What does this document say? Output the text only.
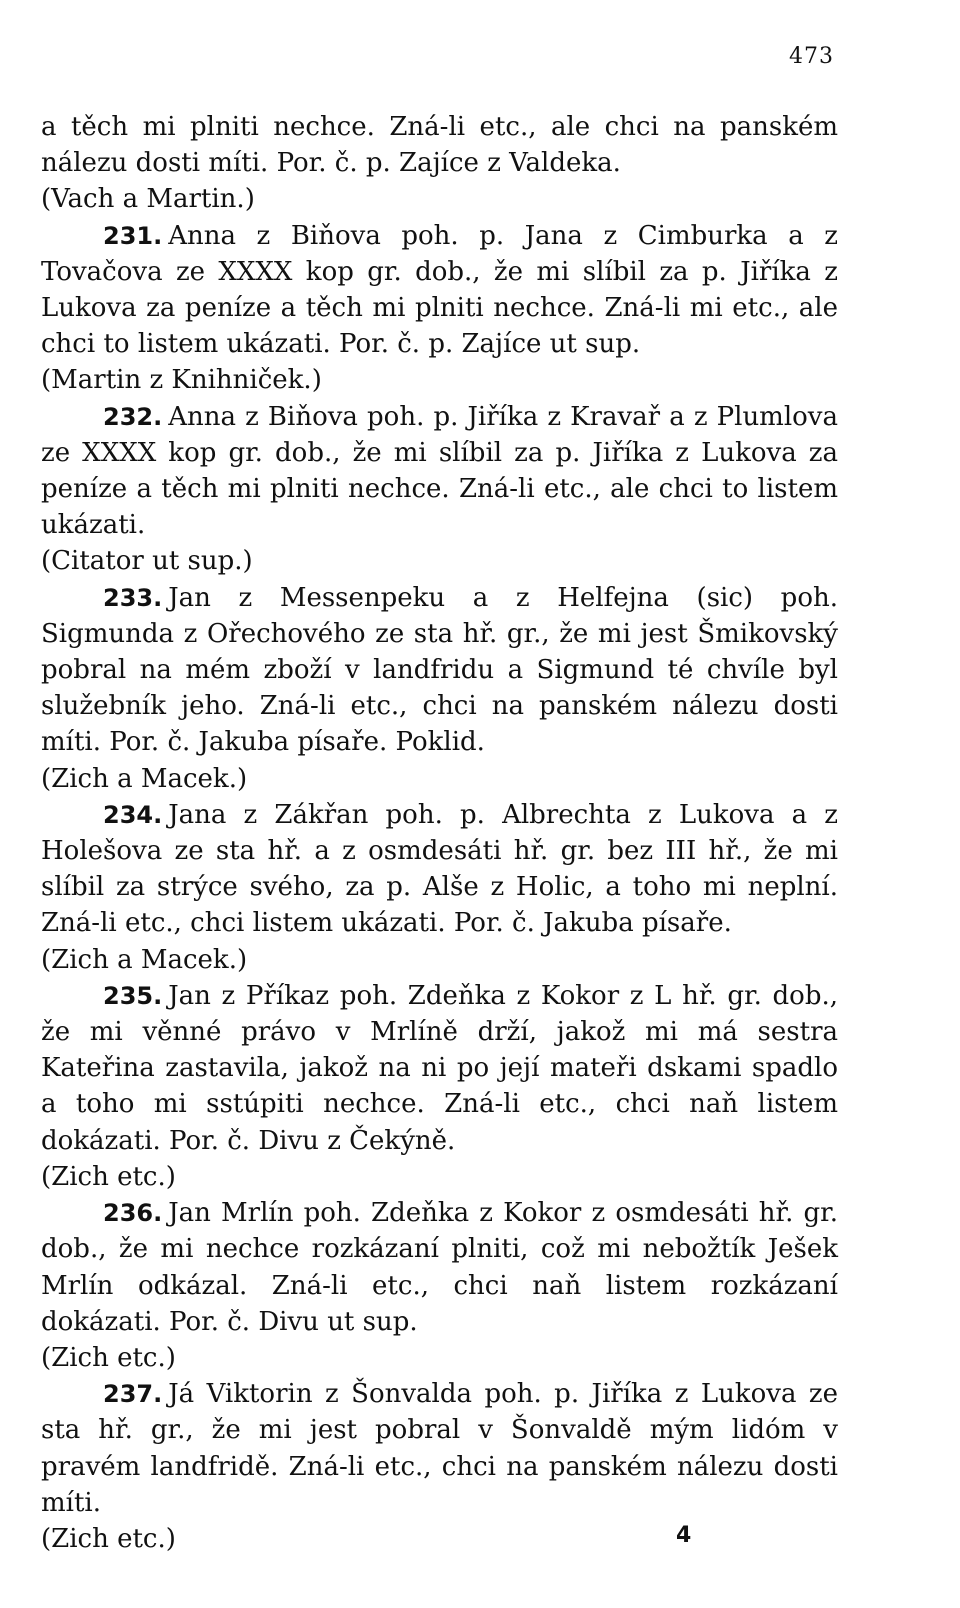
473

a těch mi plniti nechce. Zná-li etc., ale chci na panském nálezu dosti míti. Por. č. p. Zajíce z Valdeka.

(Vach a Martin.)

231. Anna z Biňova poh. p. Jana z Cimburka a z Tovačova ze XXXX kop gr. dob., že mi slíbil za p. Jiříka z Lukova za peníze a těch mi plniti nechce. Zná-li mi etc., ale chci to listem ukázati. Por. č. p. Zajíce ut sup.

(Martin z Knihniček.)

232. Anna z Biňova poh. p. Jiříka z Kravař a z Plumlova ze XXXX kop gr. dob., že mi slíbil za p. Jiříka z Lukova za peníze a těch mi plniti nechce. Zná-li etc., ale chci to listem ukázati.

(Citator ut sup.)

233. Jan z Messenpeku a z Helfejna (sic) poh. Sigmunda z Ořechového ze sta hř. gr., že mi jest Šmikovský pobral na mém zboží v landfridu a Sigmund té chvíle byl služebník jeho. Zná-li etc., chci na panském nálezu dosti míti. Por. č. Jakuba písaře. Poklid.

(Zich a Macek.)

234. Jana z Zákřan poh. p. Albrechta z Lukova a z Holešova ze sta hř. a z osmdesáti hř. gr. bez III hř., že mi slíbil za strýce svého, za p. Alše z Holic, a toho mi neplní. Zná-li etc., chci listem ukázati. Por. č. Jakuba písaře.

(Zich a Macek.)

235. Jan z Příkaz poh. Zdeňka z Kokor z L hř. gr. dob., že mi věnné právo v Mrlíně drží, jakož mi má sestra Kateřina zastavila, jakož na ni po její mateři dskami spadlo a toho mi sstúpiti nechce. Zná-li etc., chci naň listem dokázati. Por. č. Divu z Čekýně.

(Zich etc.)

236. Jan Mrlín poh. Zdeňka z Kokor z osmdesáti hř. gr. dob., že mi nechce rozkázaní plniti, což mi nebožtík Ješek Mrlín odkázal. Zná-li etc., chci naň listem rozkázaní dokázati. Por. č. Divu ut sup.

(Zich etc.)

237. Já Viktorin z Šonvalda poh. p. Jiříka z Lukova ze sta hř. gr., že mi jest pobral v Šonvaldě mým lidóm v pravém landfridě. Zná-li etc., chci na panském nálezu dosti míti.

(Zich etc.)	4
